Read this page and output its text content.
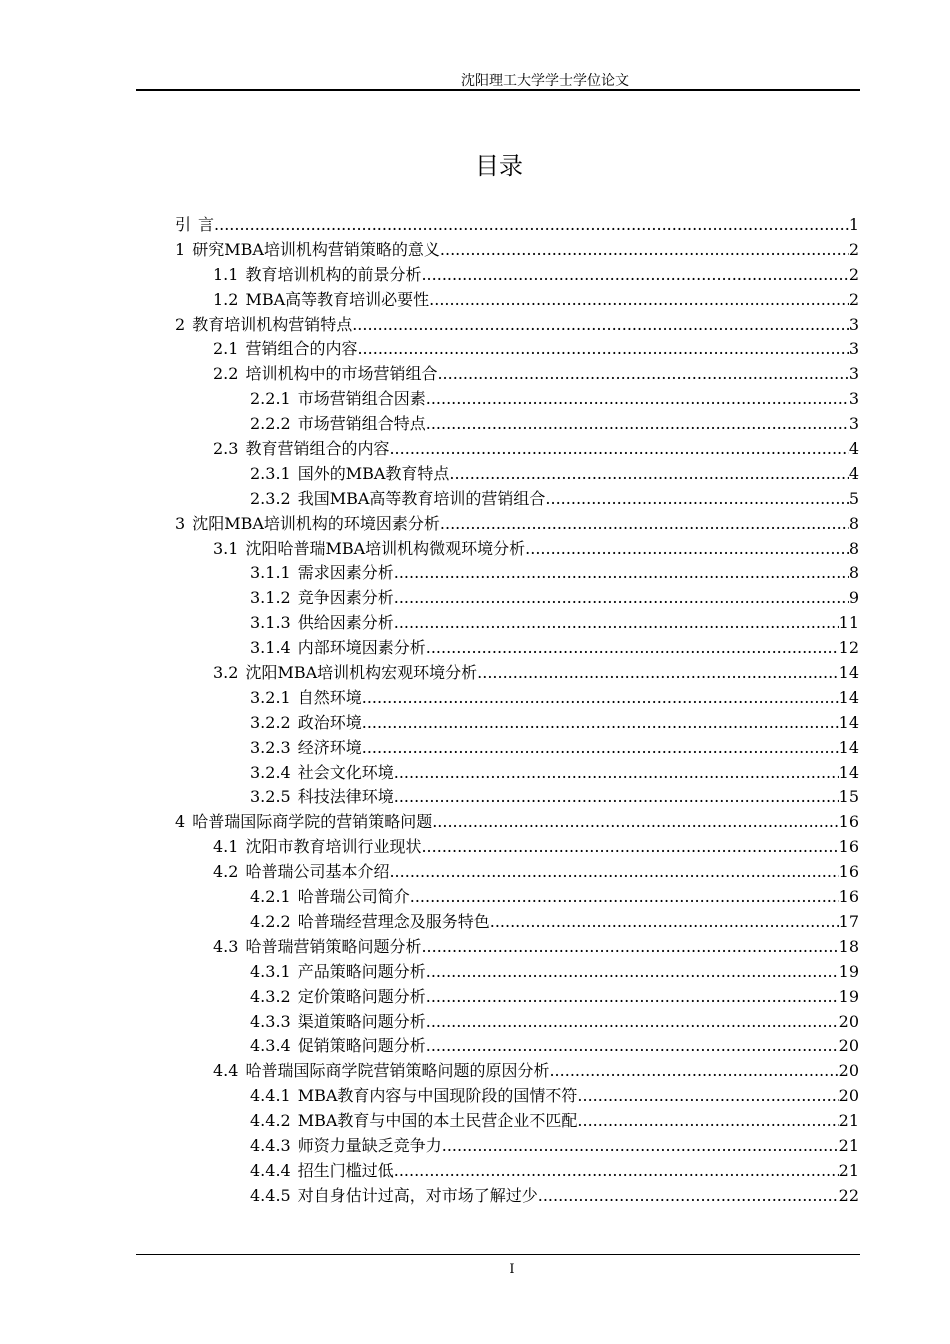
沈阳理工大学学士学位论文
目录
引 言 .....	1
1 研究MBA培训机构营销策略的意义 .....	2
1.1 教育培训机构的前景分析 .....	2
1.2 MBA高等教育培训必要性 .....	2
2 教育培训机构营销特点 .....	3
2.1 营销组合的内容 .....	3
2.2 培训机构中的市场营销组合 .....	3
2.2.1 市场营销组合因素 .....	3
2.2.2 市场营销组合特点 .....	3
2.3 教育营销组合的内容 .....	4
2.3.1 国外的MBA教育特点 .....	4
2.3.2 我国MBA高等教育培训的营销组合 .....	5
3 沈阳MBA培训机构的环境因素分析 .....	8
3.1 沈阳哈普瑞MBA培训机构微观环境分析 .....	8
3.1.1 需求因素分析 .....	8
3.1.2 竞争因素分析 .....	9
3.1.3 供给因素分析 .....	11
3.1.4 内部环境因素分析 .....	12
3.2 沈阳MBA培训机构宏观环境分析 .....	14
3.2.1 自然环境 .....	14
3.2.2 政治环境 .....	14
3.2.3 经济环境 .....	14
3.2.4 社会文化环境 .....	14
3.2.5 科技法律环境 .....	15
4 哈普瑞国际商学院的营销策略问题 .....	16
4.1 沈阳市教育培训行业现状 .....	16
4.2 哈普瑞公司基本介绍 .....	16
4.2.1 哈普瑞公司简介 .....	16
4.2.2 哈普瑞经营理念及服务特色 .....	17
4.3 哈普瑞营销策略问题分析 .....	18
4.3.1 产品策略问题分析 .....	19
4.3.2 定价策略问题分析 .....	19
4.3.3 渠道策略问题分析 .....	20
4.3.4 促销策略问题分析 .....	20
4.4 哈普瑞国际商学院营销策略问题的原因分析 .....	20
4.4.1 MBA教育内容与中国现阶段的国情不符 .....	20
4.4.2 MBA教育与中国的本土民营企业不匹配 .....	21
4.4.3 师资力量缺乏竞争力 .....	21
4.4.4 招生门槛过低 .....	21
4.4.5 对自身估计过高，对市场了解过少 .....	22
I
